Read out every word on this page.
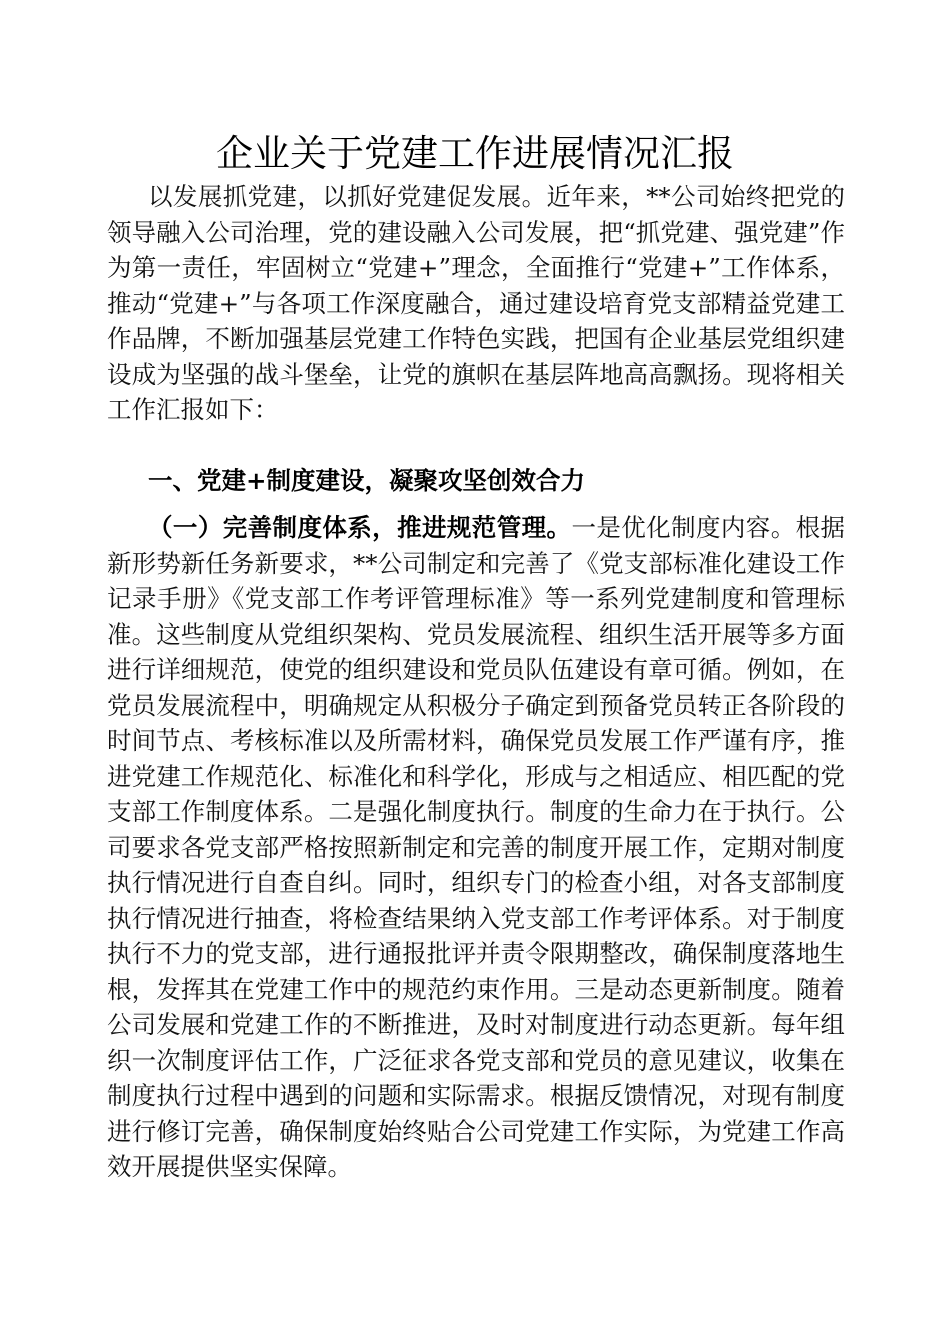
企业关于党建工作进展情况汇报

以发展抓党建，以抓好党建促发展。近年来，**公司始终把党的领导融入公司治理，党的建设融入公司发展，把“抓党建、强党建”作为第一责任，牢固树立“党建+”理念，全面推行“党建+”工作体系，推动“党建+”与各项工作深度融合，通过建设培育党支部精益党建工作品牌，不断加强基层党建工作特色实践，把国有企业基层党组织建设成为坚强的战斗堡垒，让党的旗帜在基层阵地高高飘扬。现将相关工作汇报如下：

一、党建+制度建设，凝聚攻坚创效合力

（一）完善制度体系，推进规范管理。一是优化制度内容。根据新形势新任务新要求，**公司制定和完善了《党支部标准化建设工作记录手册》《党支部工作考评管理标准》等一系列党建制度和管理标准。这些制度从党组织架构、党员发展流程、组织生活开展等多方面进行详细规范，使党的组织建设和党员队伍建设有章可循。例如，在党员发展流程中，明确规定从积极分子确定到预备党员转正各阶段的时间节点、考核标准以及所需材料，确保党员发展工作严谨有序，推进党建工作规范化、标准化和科学化，形成与之相适应、相匹配的党支部工作制度体系。二是强化制度执行。制度的生命力在于执行。公司要求各党支部严格按照新制定和完善的制度开展工作，定期对制度执行情况进行自查自纠。同时，组织专门的检查小组，对各支部制度执行情况进行抽查，将检查结果纳入党支部工作考评体系。对于制度执行不力的党支部，进行通报批评并责令限期整改，确保制度落地生根，发挥其在党建工作中的规范约束作用。三是动态更新制度。随着公司发展和党建工作的不断推进，及时对制度进行动态更新。每年组织一次制度评估工作，广泛征求各党支部和党员的意见建议，收集在制度执行过程中遇到的问题和实际需求。根据反馈情况，对现有制度进行修订完善，确保制度始终贴合公司党建工作实际，为党建工作高效开展提供坚实保障。
